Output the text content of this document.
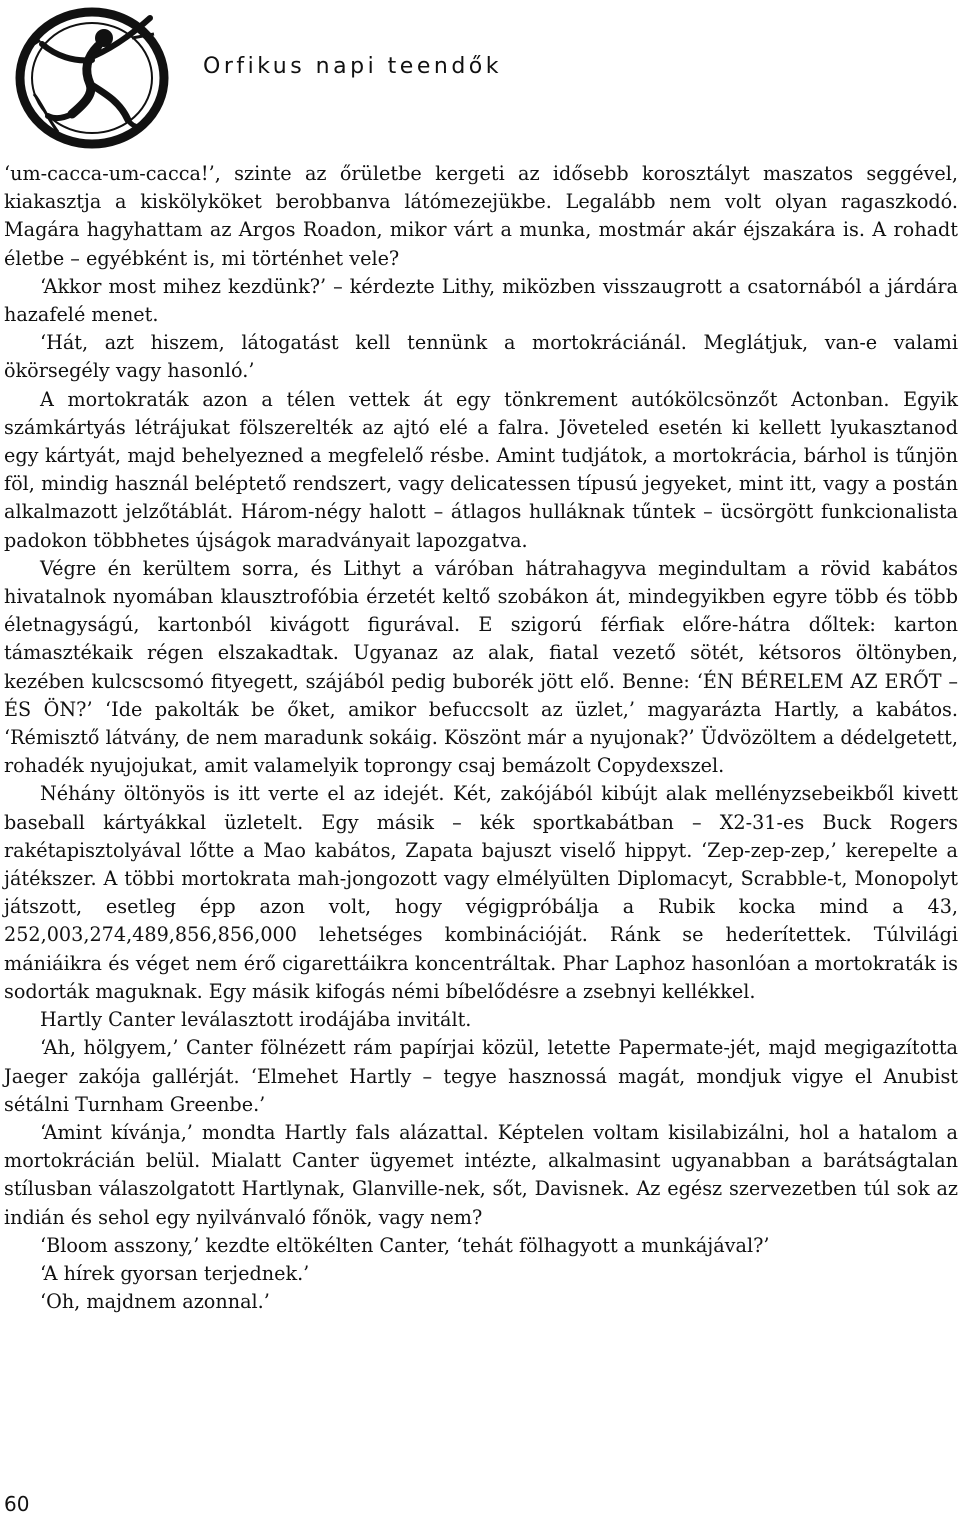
Orfikus napi teendők

‘um-cacca-um-cacca!’, szinte az őrületbe kergeti az idősebb korosztályt maszatos seggével, kiakasztja a kiskölyköket berobbanva látómezejükbe. Legalább nem volt olyan ragaszkodó. Magára hagyhattam az Argos Roadon, mikor várt a munka, mostmár akár éjszakára is. A rohadt életbe – egyébként is, mi történhet vele?

‘Akkor most mihez kezdünk?’ – kérdezte Lithy, miközben visszaugrott a csatornából a járdára hazafelé menet.

‘Hát, azt hiszem, látogatást kell tennünk a mortokráciánál. Meglátjuk, van-e valami ökörsegély vagy hasonló.’

A mortokraták azon a télen vettek át egy tönkrement autókölcsönzőt Actonban. Egyik számkártyás létrájukat fölszerelték az ajtó elé a falra. Jöveteled esetén ki kellett lyukasztanod egy kártyát, majd behelyezned a megfelelő résbe. Amint tudjátok, a mortokrácia, bárhol is tűnjön föl, mindig használ beléptető rendszert, vagy delicatessen típusú jegyeket, mint itt, vagy a postán alkalmazott jelzőtáblát. Három-négy halott – átlagos hulláknak tűntek – ücsörgött funkcionalista padokon többhetes újságok maradványait lapozgatva.

Végre én kerültem sorra, és Lithyt a váróban hátrahagyva megindultam a rövid kabátos hivatalnok nyomában klausztrofóbia érzetét keltő szobákon át, mindegyikben egyre több és több életnagyságú, kartonból kivágott figurával. E szigorú férfiak előre-hátra dőltek: karton támasztékaik régen elszakadtak. Ugyanaz az alak, fiatal vezető sötét, kétsoros öltönyben, kezében kulcscsomó fityegett, szájából pedig buborék jött elő. Benne: ‘ÉN BÉRELEM AZ ERŐT – ÉS ÖN?’ ‘Ide pakolták be őket, amikor befuccsolt az üzlet,’ magyarázta Hartly, a kabátos. ‘Rémisztő látvány, de nem maradunk sokáig. Köszönt már a nyujonak?’ Üdvözöltem a dédelgetett, rohadék nyujojukat, amit valamelyik toprongy csaj bemázolt Copydexszel.

Néhány öltönyös is itt verte el az idejét. Két, zakójából kibújt alak mellényzsebeikből kivett baseball kártyákkal üzletelt. Egy másik – kék sportkabátban – X2-31-es Buck Rogers rakétapisztolyával lőtte a Mao kabátos, Zapata bajuszt viselő hippyt. ‘Zep-zep-zep,’ kerepelte a játékszer. A többi mortokrata mah-jongozott vagy elmélyülten Diplomacyt, Scrabble-t, Monopolyt játszott, esetleg épp azon volt, hogy végigpróbálja a Rubik kocka mind a 43, 252,003,274,489,856,856,000 lehetséges kombinációját. Ránk se hederítettek. Túlvilági mániáikra és véget nem érő cigarettáikra koncentráltak. Phar Laphoz hasonlóan a mortokraták is sodorták maguknak. Egy másik kifogás némi bíbelődésre a zsebnyi kellékkel.

Hartly Canter leválasztott irodájába invitált.

‘Ah, hölgyem,’ Canter fölnézett rám papírjai közül, letette Papermate-jét, majd megigazította Jaeger zakója gallérját. ‘Elmehet Hartly – tegye hasznossá magát, mondjuk vigye el Anubist sétálni Turnham Greenbe.’

‘Amint kívánja,’ mondta Hartly fals alázattal. Képtelen voltam kisilabizálni, hol a hatalom a mortokrácián belül. Mialatt Canter ügyemet intézte, alkalmasint ugyanabban a barátságtalan stílusban válaszolgatott Hartlynak, Glanville-nek, sőt, Davisnek. Az egész szervezetben túl sok az indián és sehol egy nyilvánvaló főnök, vagy nem?

‘Bloom asszony,’ kezdte eltökélten Canter, ‘tehát fölhagyott a munkájával?’

‘A hírek gyorsan terjednek.’

‘Oh, majdnem azonnal.’

60
